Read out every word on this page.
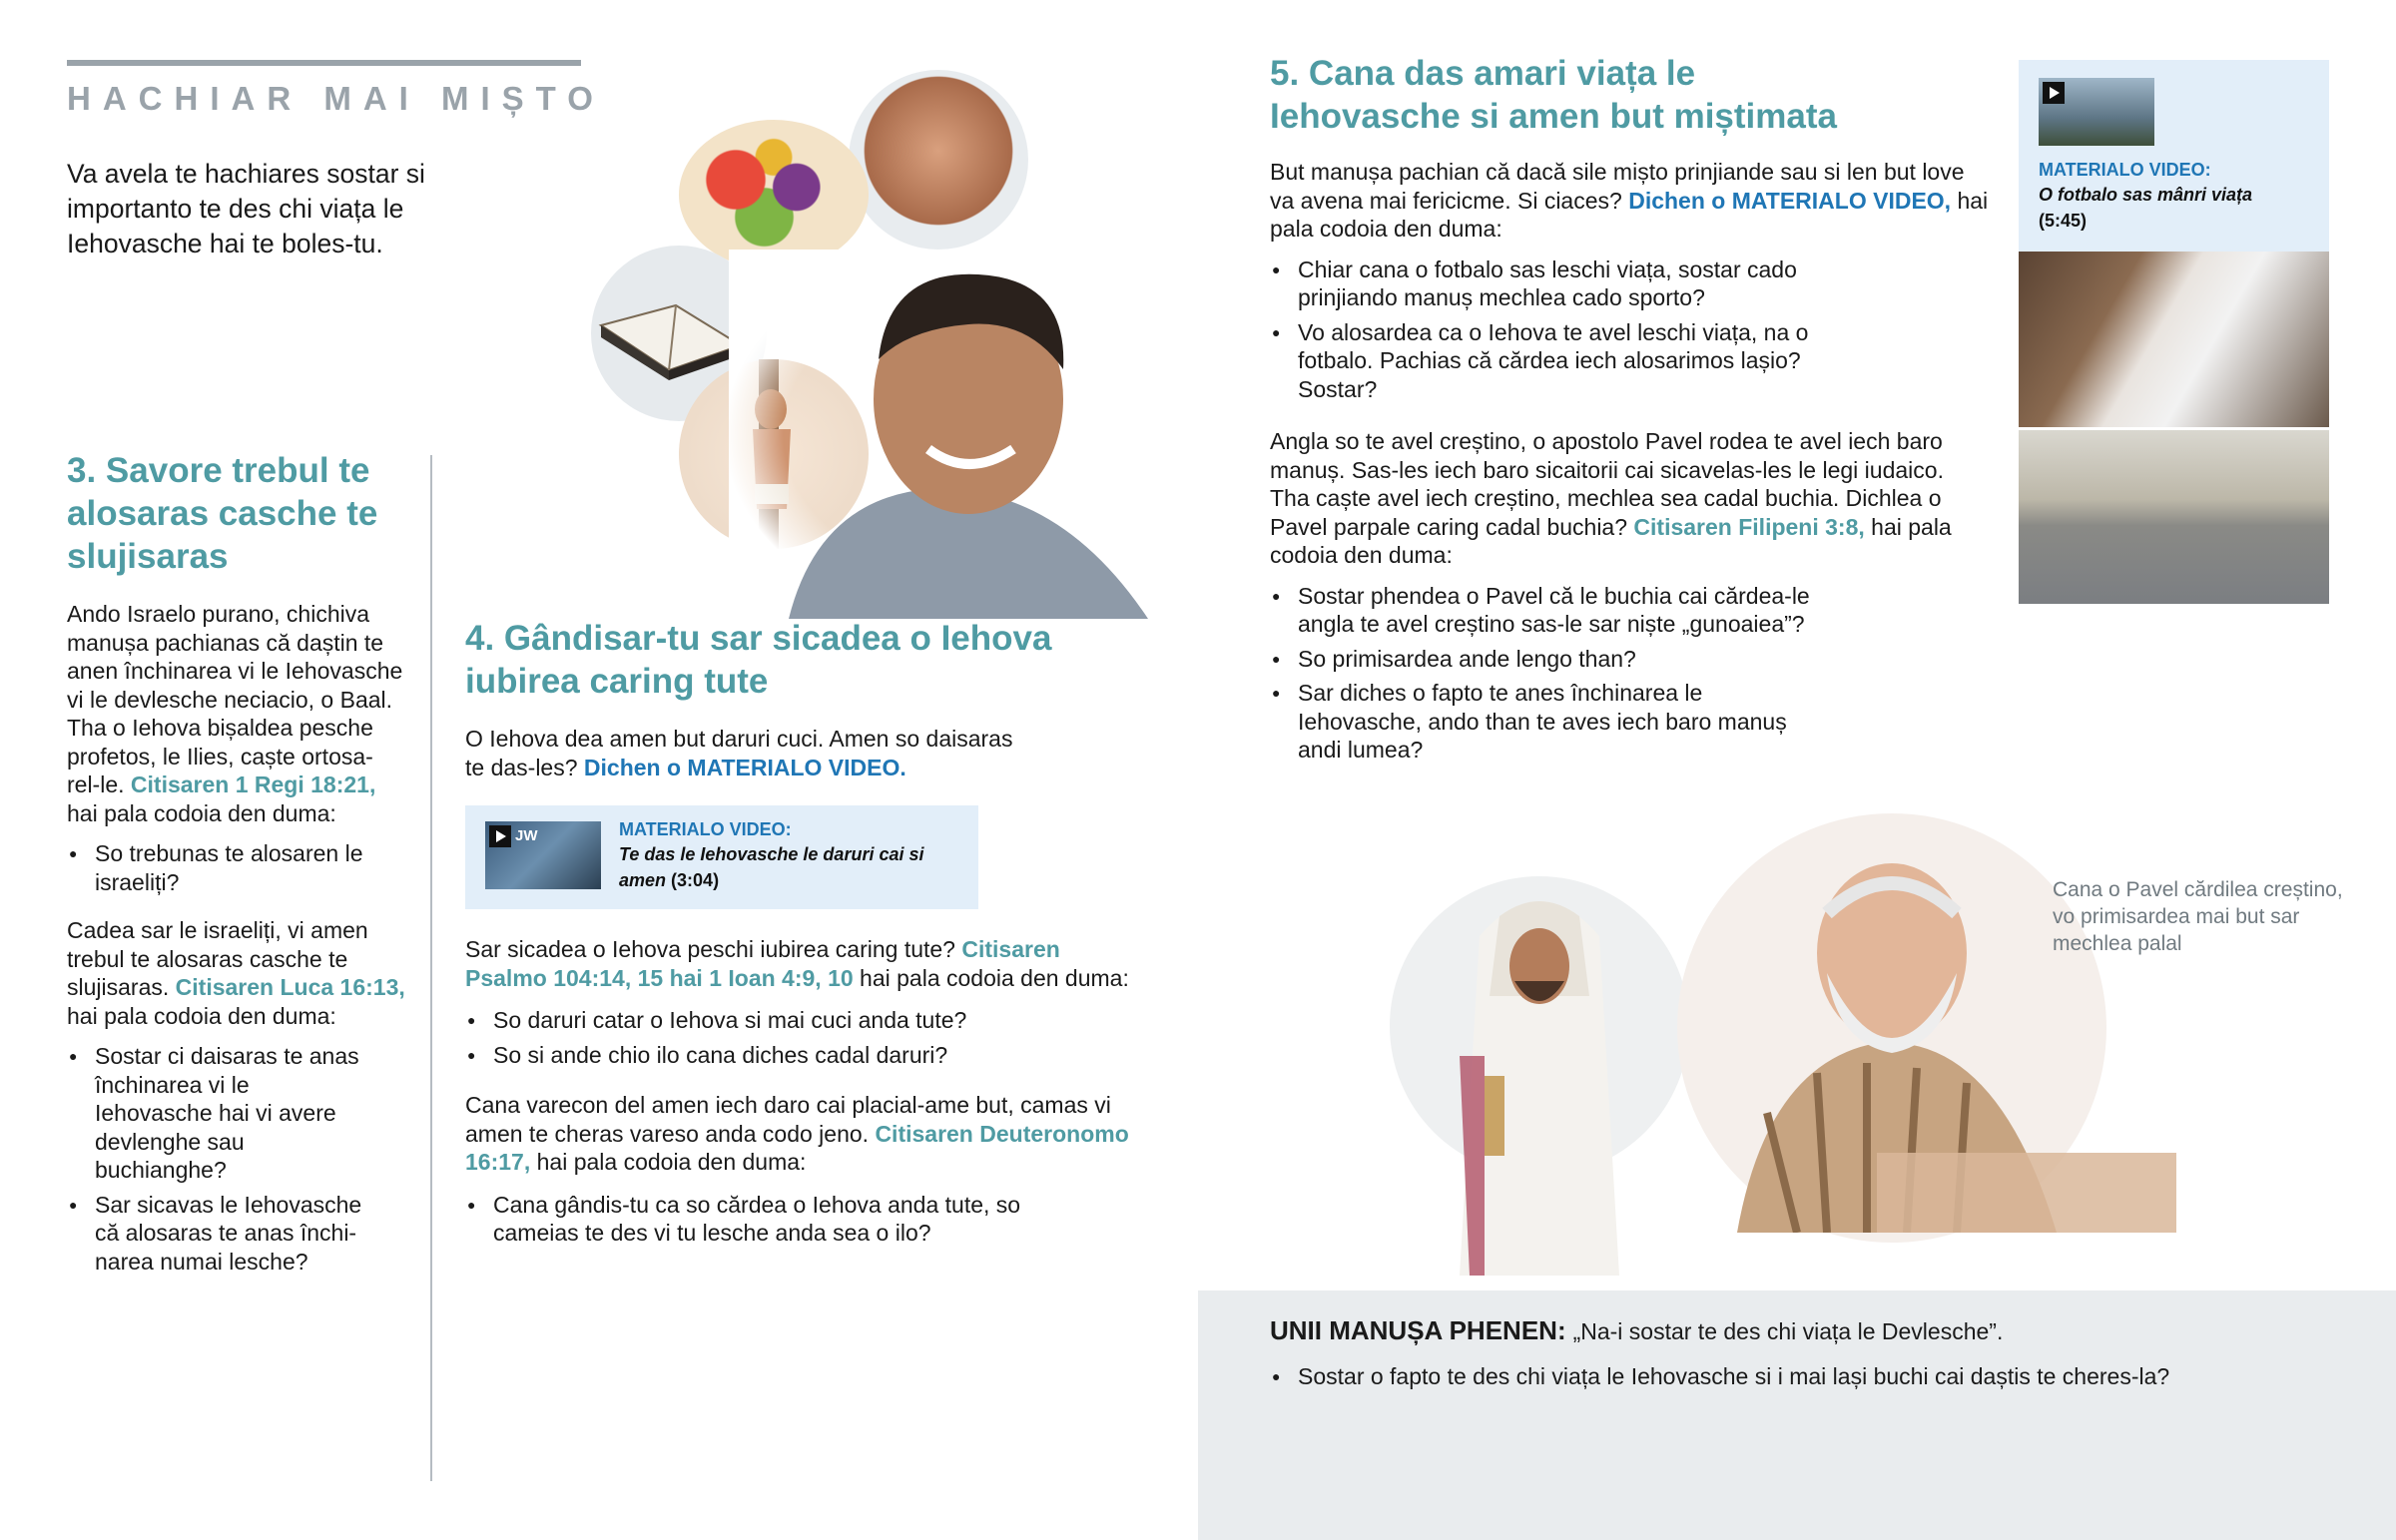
HACHIAR MAI MIȘTO

Va avela te hachiares sostar si importanto te des chi viața le Iehovasche hai te boles-tu.

3. Savore trebul te alosaras casche te slujisaras

Ando Israelo purano, chichiva manușa pachianas că daștin te anen închinarea vi le Iehovasche vi le devlesche neciacio, o Baal. Tha o Iehova bișaldea pesche profetos, le Ilies, caște ortosa-rel-le. Citisaren 1 Regi 18:21, hai pala codoia den duma:

● So trebunas te alosaren le israeliți?

Cadea sar le israeliți, vi amen trebul te alosaras casche te slujisaras. Citisaren Luca 16:13, hai pala codoia den duma:

● Sostar ci daisaras te anas închinarea vi le Iehovasche hai vi avere devlenghe sau buchianghe?
● Sar sicavas le Iehovasche că alosaras te anas închi-narea numai lesche?
4. Gândisar-tu sar sicadea o Iehova iubirea caring tute

O Iehova dea amen but daruri cuci. Amen so daisaras te das-les? Dichen o MATERIALO VIDEO.

JW	MATERIALO VIDEO:
Te das le Iehovasche le daruri cai si amen (3:04)

Sar sicadea o Iehova peschi iubirea caring tute? Citisaren Psalmo 104:14, 15 hai 1 Ioan 4:9, 10 hai pala codoia den duma:

● So daruri catar o Iehova si mai cuci anda tute?
● So si ande chio ilo cana diches cadal daruri?

Cana varecon del amen iech daro cai placial-ame but, camas vi amen te cheras vareso anda codo jeno. Citisaren Deuteronomo 16:17, hai pala codoia den duma:

● Cana gândis-tu ca so cărdea o Iehova anda tute, so cameias te des vi tu lesche anda sea o ilo?
5. Cana das amari viața le Iehovasche si amen but miștimata

But manușa pachian că dacă sile mișto prinjiande sau si len but love va avena mai fericicme. Si ciaces? Dichen o MATERIALO VIDEO, hai pala codoia den duma:

● Chiar cana o fotbalo sas leschi viața, sostar cado prinjiando manuș mechlea cado sporto?
● Vo alosardea ca o Iehova te avel leschi viața, na o fotbalo. Pachias că cărdea iech alosarimos lașio? Sostar?

Angla so te avel creștino, o apostolo Pavel rodea te avel iech baro manuș. Sas-les iech baro sicaitorii cai sicavelas-les le legi iudaico. Tha caște avel iech creștino, mechlea sea cadal buchia. Dichlea o Pavel parpale caring cadal buchia? Citisaren Filipeni 3:8, hai pala codoia den duma:

● Sostar phendea o Pavel că le buchia cai cărdea-le angla te avel creștino sas-le sar niște „gunoaiea”?
● So primisardea ande lengo than?
● Sar diches o fapto te anes închinarea le Iehovasche, ando than te aves iech baro manuș andi lumea?
MATERIALO VIDEO:
O fotbalo sas mânri viața
(5:45)
Cana o Pavel cărdilea creștino, vo primisardea mai but sar mechlea palal
UNII MANUȘA PHENEN: „Na-i sostar te des chi viața le Devlesche”.
● Sostar o fapto te des chi viața le Iehovasche si i mai lași buchi cai daștis te cheres-la?
